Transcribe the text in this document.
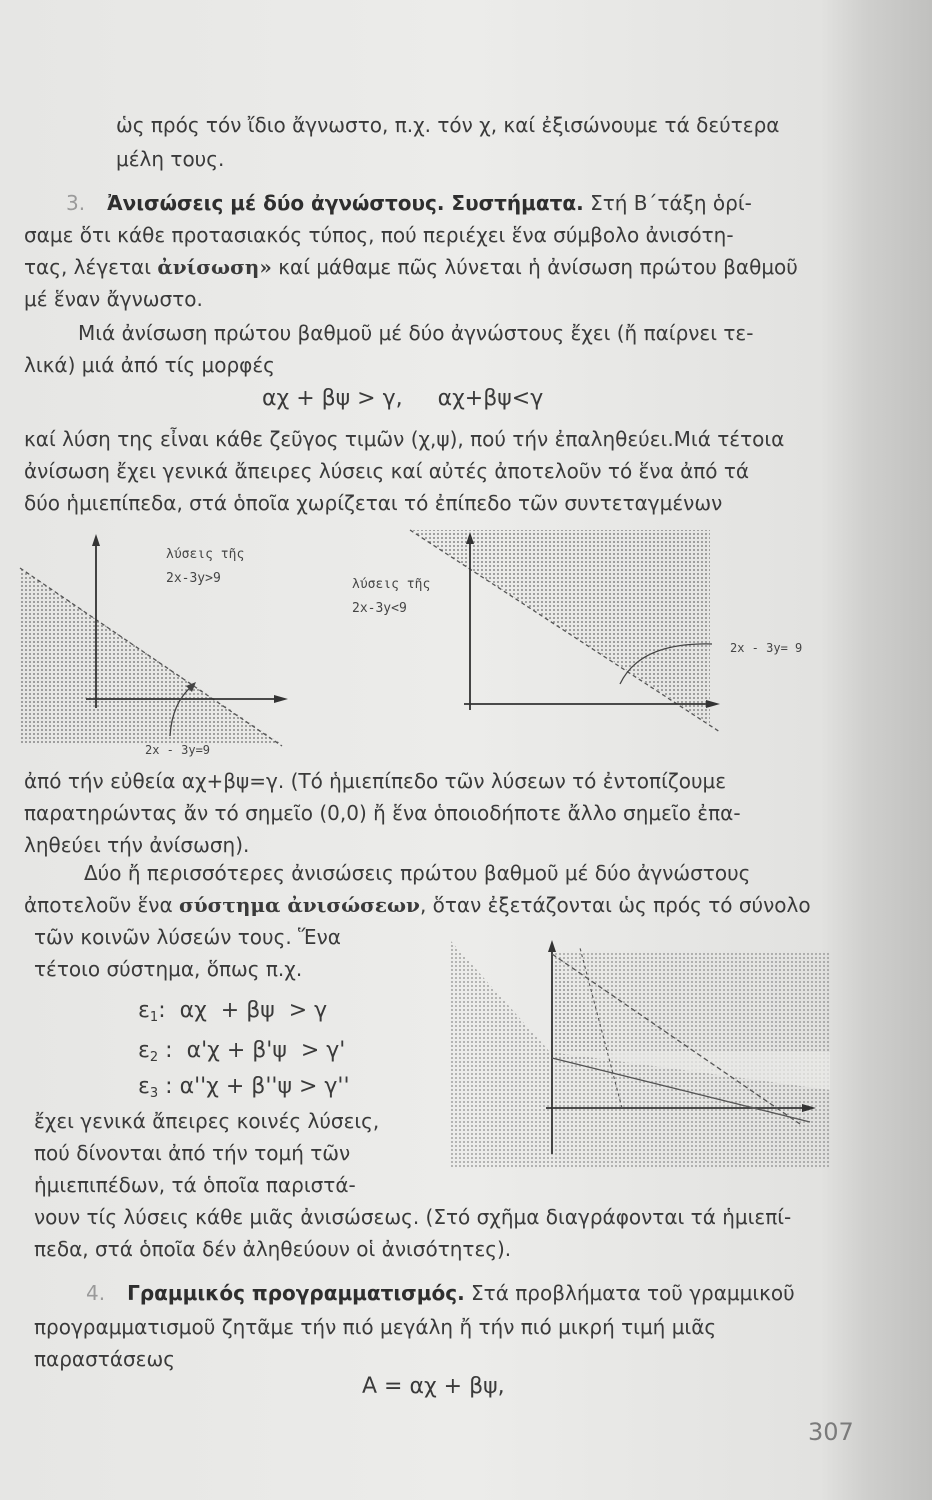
ὡς πρός τόν ἴδιο ἄγνωστο, π.χ. τόν χ, καί ἐξισώνουμε τά δεύτερα
μέλη τους.
3. Ἀνισώσεις μέ δύο ἀγνώστους. Συστήματα. Στή Β΄τάξη ὁρί-
σαμε ὅτι κάθε προτασιακός τύπος, πού περιέχει ἕνα σύμβολο ἀνισότη-
τας, λέγεται ἀνίσωση» καί μάθαμε πῶς λύνεται ἡ ἀνίσωση πρώτου βαθμοῦ
μέ ἕναν ἄγνωστο.
Μιά ἀνίσωση πρώτου βαθμοῦ μέ δύο ἀγνώστους ἔχει (ἤ παίρνει τε-
λικά) μιά ἀπό τίς μορφές
αχ + βψ > γ,     αχ+βψ<γ
καί λύση της εἶναι κάθε ζεῦγος τιμῶν (χ,ψ), πού τήν ἐπαληθεύει.Μιά τέτοια
ἀνίσωση ἔχει γενικά ἄπειρες λύσεις καί αὐτές ἀποτελοῦν τό ἕνα ἀπό τά
δύο ἡμιεπίπεδα, στά ὁποῖα χωρίζεται τό ἐπίπεδο τῶν συντεταγμένων
λύσεις τῆς
2x-3y>9
2x - 3y=9
λύσεις τῆς
2x-3y<9
2x - 3y= 9
ἀπό τήν εὐθεία αχ+βψ=γ. (Τό ἡμιεπίπεδο τῶν λύσεων τό ἐντοπίζουμε
παρατηρώντας ἄν τό σημεῖο (0,0) ἤ ἕνα ὁποιοδήποτε ἄλλο σημεῖο ἐπα-
ληθεύει τήν ἀνίσωση).
Δύο ἤ περισσότερες ἀνισώσεις πρώτου βαθμοῦ μέ δύο ἀγνώστους
ἀποτελοῦν ἕνα σύστημα ἀνισώσεων, ὅταν ἐξετάζονται ὡς πρός τό σύνολο
τῶν κοινῶν λύσεών τους. Ἕνα
τέτοιο σύστημα, ὅπως π.χ.
ε1:  αχ  + βψ  > γ
ε2 :  α'χ + β'ψ  > γ'
ε3 : α''χ + β''ψ > γ''
ἔχει γενικά ἄπειρες κοινές λύσεις,
πού δίνονται ἀπό τήν τομή τῶν
ἡμιεπιπέδων, τά ὁποῖα παριστά-
νουν τίς λύσεις κάθε μιᾶς ἀνισώσεως. (Στό σχῆμα διαγράφονται τά ἡμιεπί-
πεδα, στά ὁποῖα δέν ἀληθεύουν οἱ ἀνισότητες).
4. Γραμμικός προγραμματισμός. Στά προβλήματα τοῦ γραμμικοῦ
προγραμματισμοῦ ζητᾶμε τήν πιό μεγάλη ἤ τήν πιό μικρή τιμή μιᾶς
παραστάσεως
Α = αχ + βψ,
307
